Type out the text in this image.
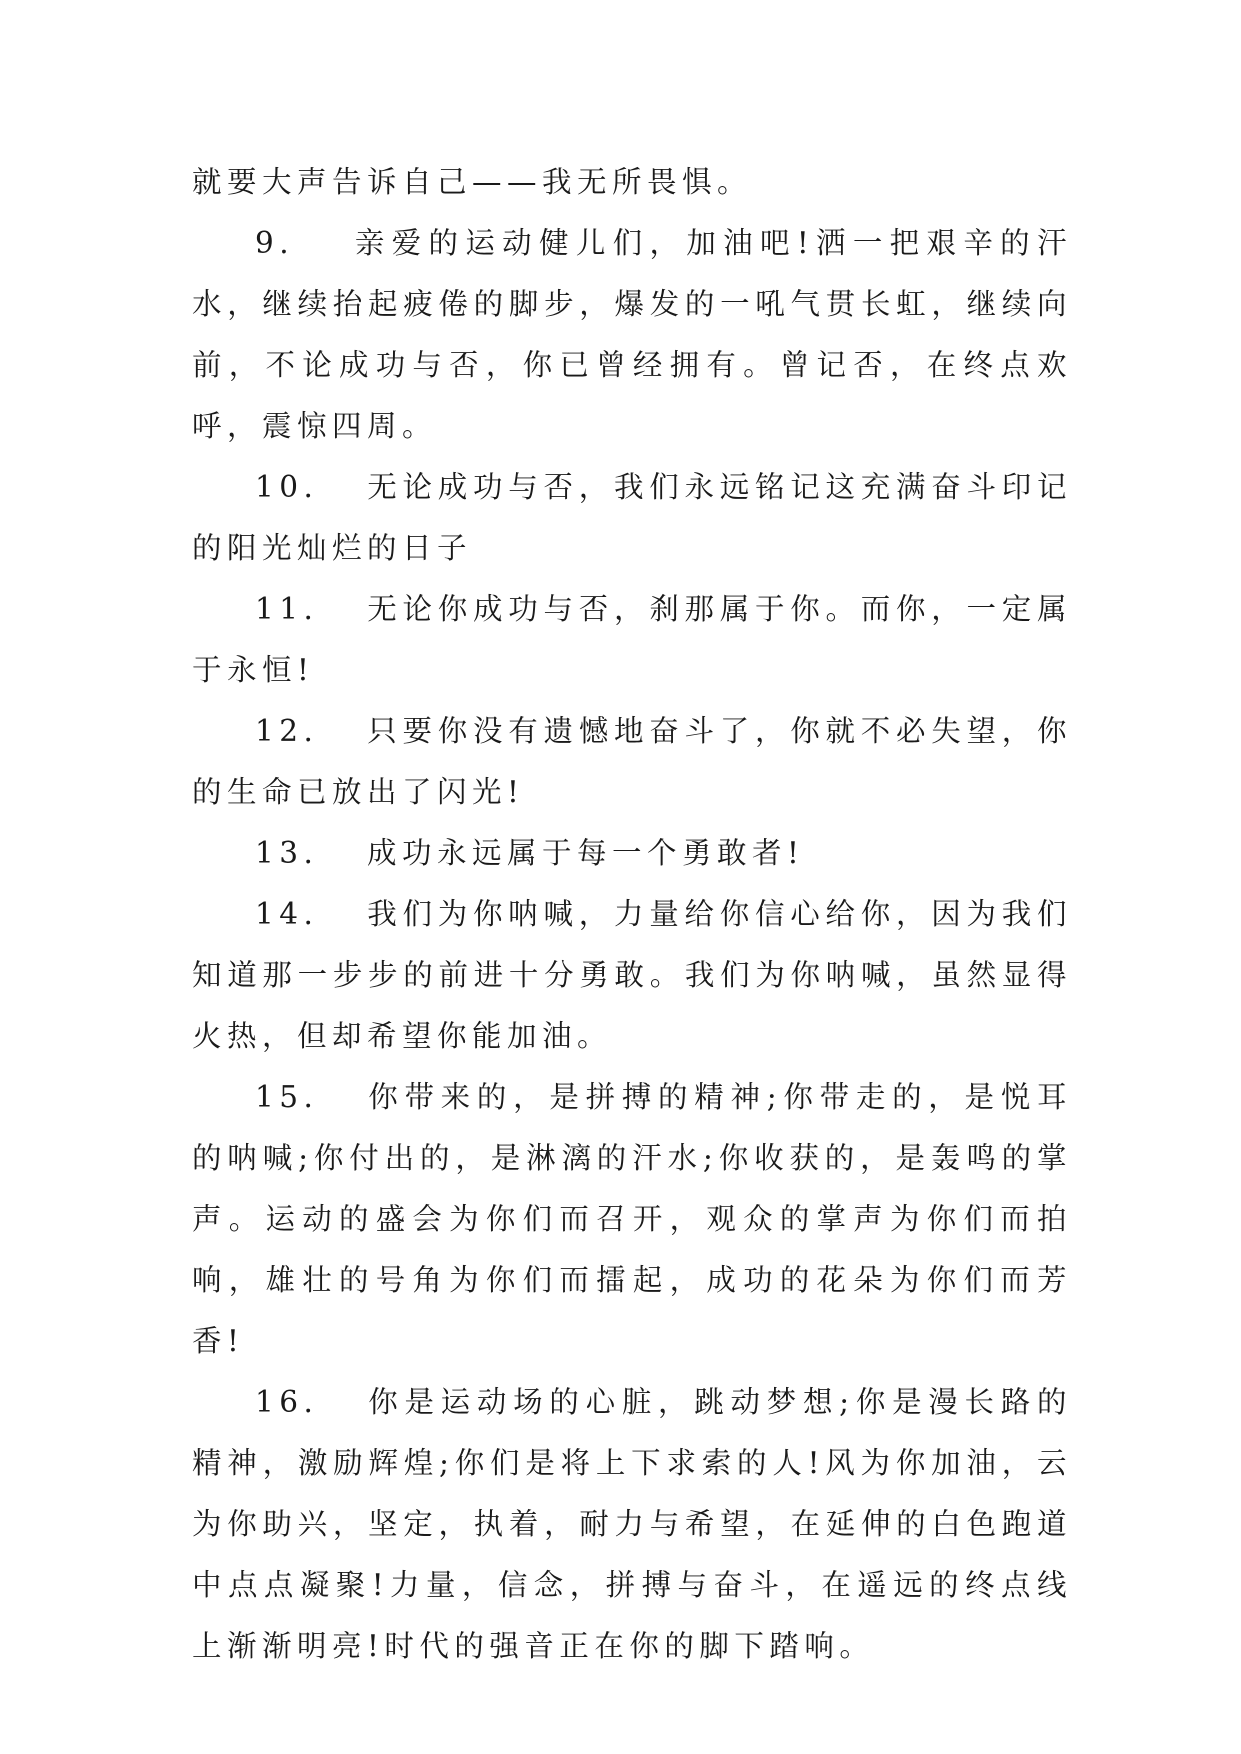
就要大声告诉自己——我无所畏惧。

9. 亲爱的运动健儿们，加油吧!洒一把艰辛的汗水，继续抬起疲倦的脚步，爆发的一吼气贯长虹，继续向前，不论成功与否，你已曾经拥有。曾记否，在终点欢呼，震惊四周。

10. 无论成功与否，我们永远铭记这充满奋斗印记的阳光灿烂的日子

11. 无论你成功与否，刹那属于你。而你，一定属于永恒!

12. 只要你没有遗憾地奋斗了，你就不必失望，你的生命已放出了闪光!

13. 成功永远属于每一个勇敢者!

14. 我们为你呐喊，力量给你信心给你，因为我们知道那一步步的前进十分勇敢。我们为你呐喊，虽然显得火热，但却希望你能加油。

15. 你带来的，是拼搏的精神;你带走的，是悦耳的呐喊;你付出的，是淋漓的汗水;你收获的，是轰鸣的掌声。运动的盛会为你们而召开，观众的掌声为你们而拍响，雄壮的号角为你们而擂起，成功的花朵为你们而芳香!

16. 你是运动场的心脏，跳动梦想;你是漫长路的精神，激励辉煌;你们是将上下求索的人!风为你加油，云为你助兴，坚定，执着，耐力与希望，在延伸的白色跑道中点点凝聚!力量，信念，拼搏与奋斗，在遥远的终点线上渐渐明亮!时代的强音正在你的脚下踏响。
